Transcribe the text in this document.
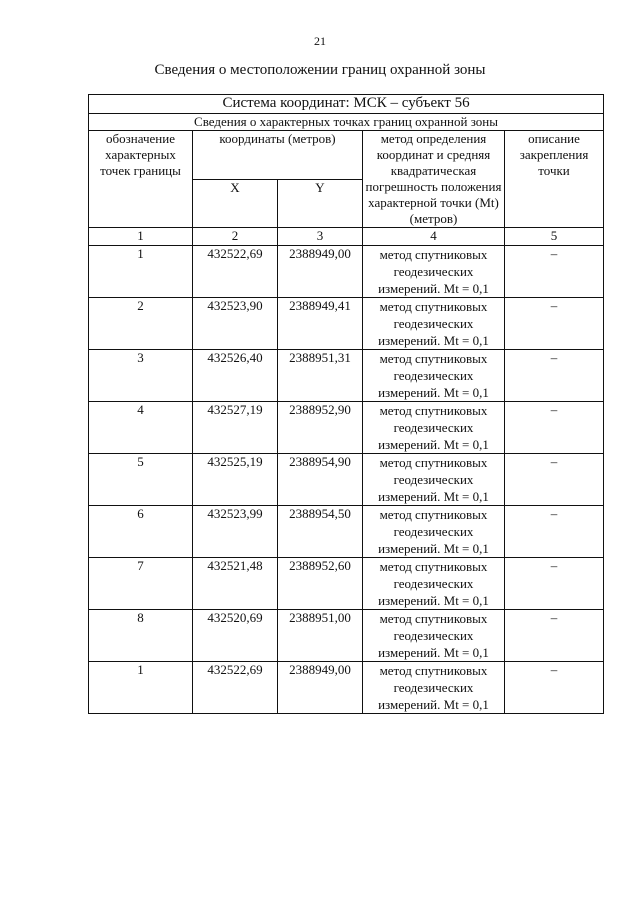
21
Сведения о местоположении границ охранной зоны
Система координат: МСК – субъект 56				
Сведения о характерных точках границ охранной зоны				
обозначение характерных точек границы	координаты (метров)		метод определения координат и средняя квадратическая погрешность положения характерной точки (Mt) (метров)	описание закрепления точки
	X	Y		
1	2	3	4	5
1	432522,69	2388949,00	метод спутниковых геодезических измерений. Mt = 0,1	–
2	432523,90	2388949,41	метод спутниковых геодезических измерений. Mt = 0,1	–
3	432526,40	2388951,31	метод спутниковых геодезических измерений. Mt = 0,1	–
4	432527,19	2388952,90	метод спутниковых геодезических измерений. Mt = 0,1	–
5	432525,19	2388954,90	метод спутниковых геодезических измерений. Mt = 0,1	–
6	432523,99	2388954,50	метод спутниковых геодезических измерений. Mt = 0,1	–
7	432521,48	2388952,60	метод спутниковых геодезических измерений. Mt = 0,1	–
8	432520,69	2388951,00	метод спутниковых геодезических измерений. Mt = 0,1	–
1	432522,69	2388949,00	метод спутниковых геодезических измерений. Mt = 0,1	–
